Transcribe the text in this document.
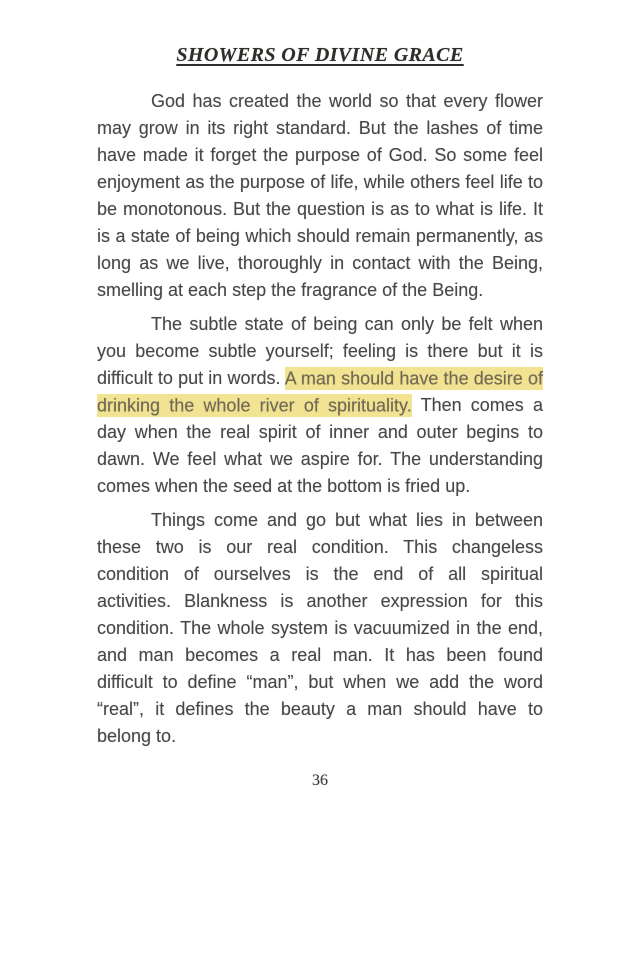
SHOWERS OF DIVINE GRACE

God has created the world so that every flower may grow in its right standard. But the lashes of time have made it forget the purpose of God. So some feel enjoyment as the purpose of life, while others feel life to be monotonous. But the question is as to what is life. It is a state of being which should remain permanently, as long as we live, thoroughly in contact with the Being, smelling at each step the fragrance of the Being.

The subtle state of being can only be felt when you become subtle yourself; feeling is there but it is difficult to put in words. A man should have the desire of drinking the whole river of spirituality. Then comes a day when the real spirit of inner and outer begins to dawn. We feel what we aspire for. The understanding comes when the seed at the bottom is fried up.

Things come and go but what lies in between these two is our real condition. This changeless condition of ourselves is the end of all spiritual activities. Blankness is another expression for this condition. The whole system is vacuumized in the end, and man becomes a real man. It has been found difficult to define “man”, but when we add the word “real”, it defines the beauty a man should have to belong to.

36
